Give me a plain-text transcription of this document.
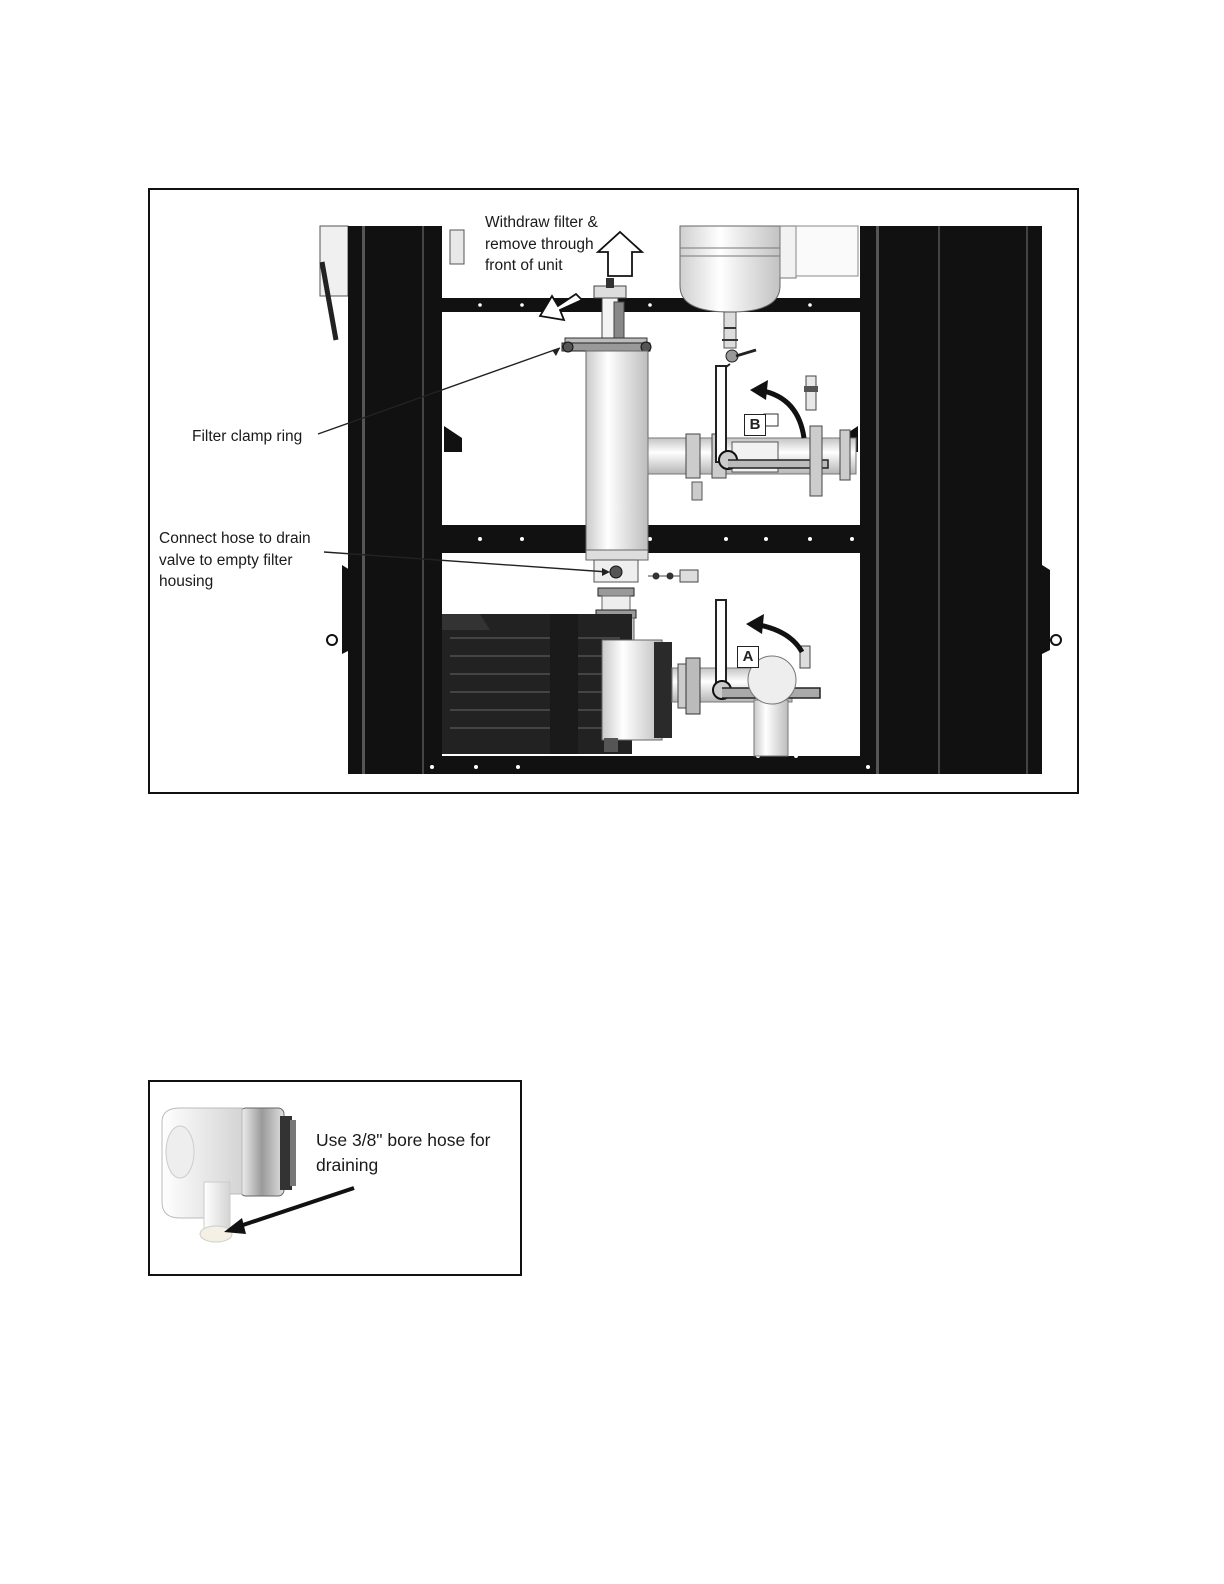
Withdraw filter &
remove through
front of unit
Filter clamp ring
Connect hose to drain
valve to empty filter
housing
B
A
Use 3/8" bore hose for
draining
